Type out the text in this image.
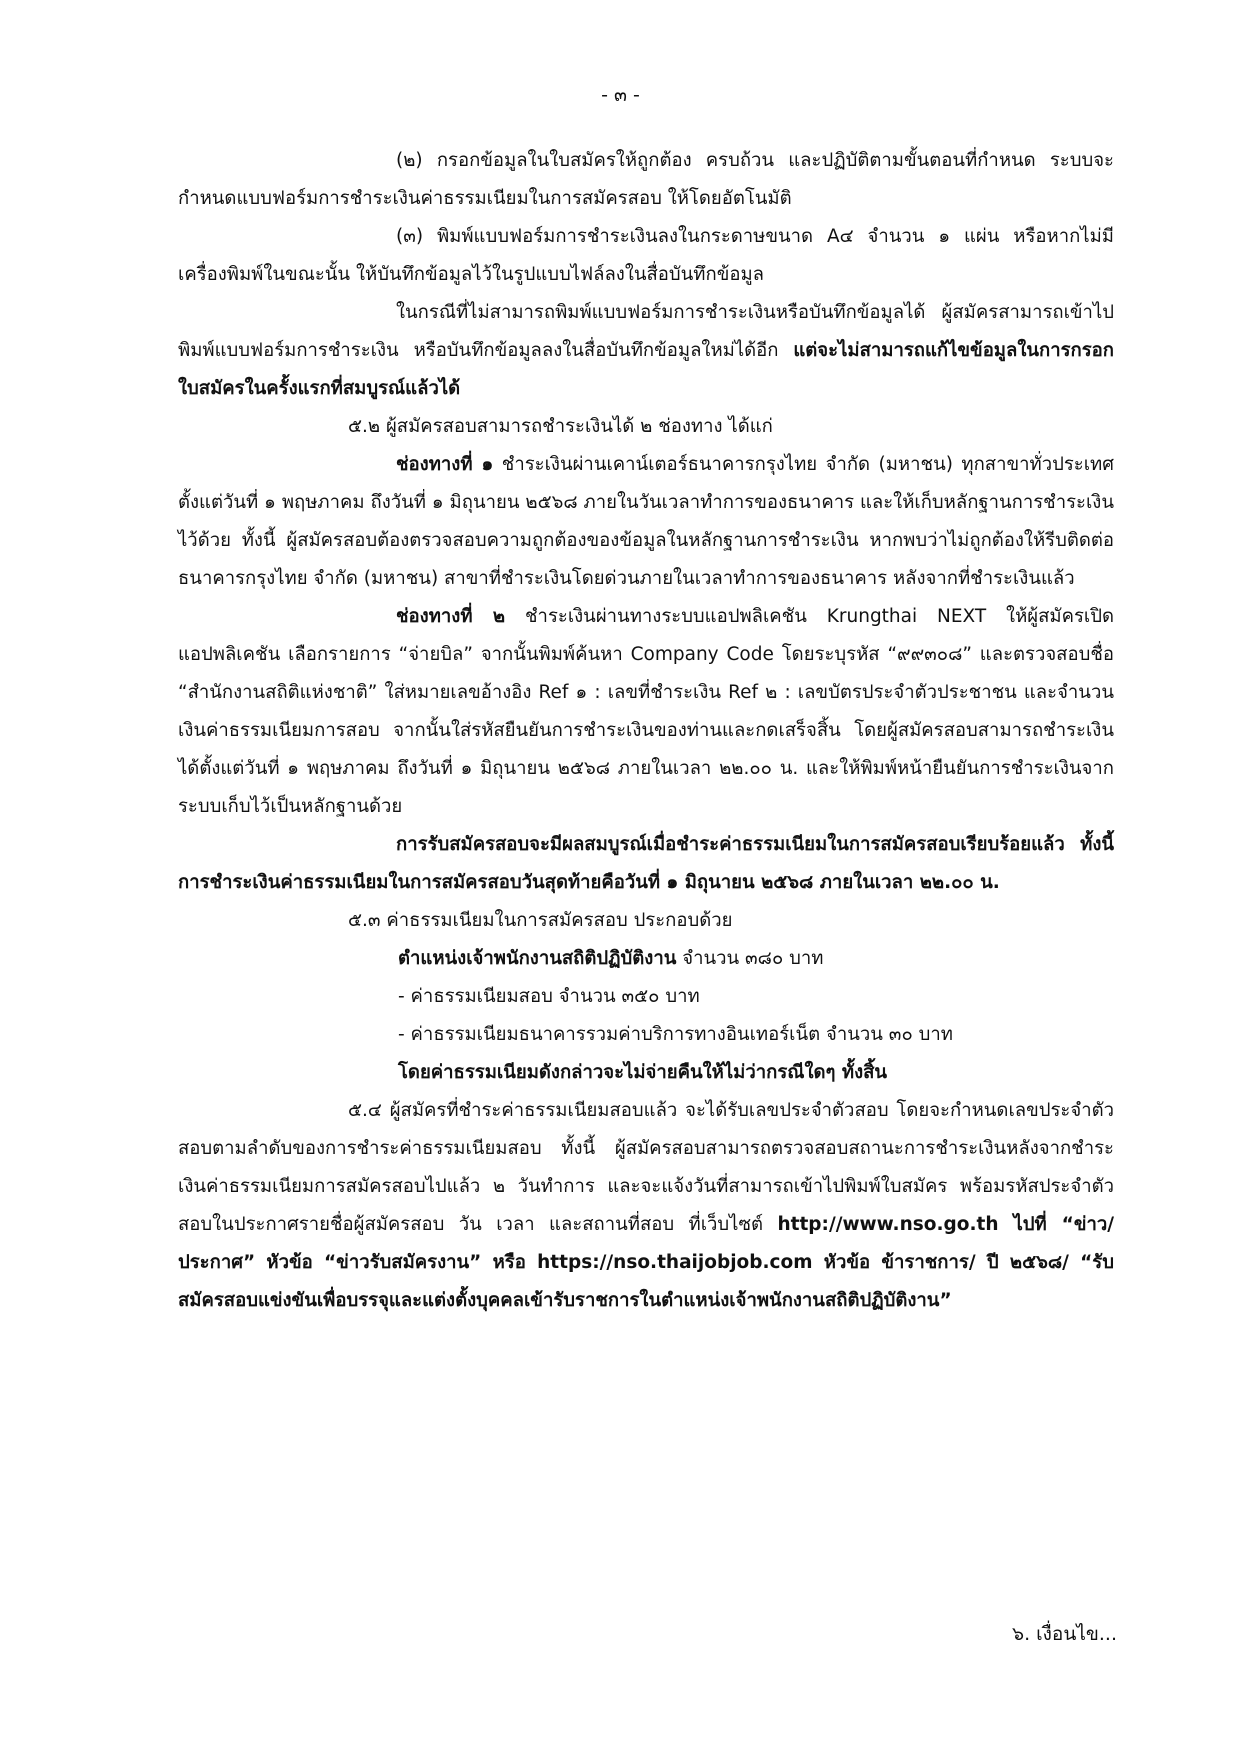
- ๓ -

(๒) กรอกข้อมูลในใบสมัครให้ถูกต้อง ครบถ้วน และปฏิบัติตามขั้นตอนที่กำหนด ระบบจะกำหนดแบบฟอร์มการชำระเงินค่าธรรมเนียมในการสมัครสอบ ให้โดยอัตโนมัติ

(๓) พิมพ์แบบฟอร์มการชำระเงินลงในกระดาษขนาด A๔ จำนวน ๑ แผ่น หรือหากไม่มีเครื่องพิมพ์ในขณะนั้น ให้บันทึกข้อมูลไว้ในรูปแบบไฟล์ลงในสื่อบันทึกข้อมูล

ในกรณีที่ไม่สามารถพิมพ์แบบฟอร์มการชำระเงินหรือบันทึกข้อมูลได้ ผู้สมัครสามารถเข้าไปพิมพ์แบบฟอร์มการชำระเงิน หรือบันทึกข้อมูลลงในสื่อบันทึกข้อมูลใหม่ได้อีก แต่จะไม่สามารถแก้ไขข้อมูลในการกรอกใบสมัครในครั้งแรกที่สมบูรณ์แล้วได้

๕.๒ ผู้สมัครสอบสามารถชำระเงินได้ ๒ ช่องทาง ได้แก่

ช่องทางที่ ๑ ชำระเงินผ่านเคาน์เตอร์ธนาคารกรุงไทย จำกัด (มหาชน) ทุกสาขาทั่วประเทศ ตั้งแต่วันที่ ๑ พฤษภาคม ถึงวันที่ ๑ มิถุนายน ๒๕๖๘ ภายในวันเวลาทำการของธนาคาร และให้เก็บหลักฐานการชำระเงินไว้ด้วย ทั้งนี้ ผู้สมัครสอบต้องตรวจสอบความถูกต้องของข้อมูลในหลักฐานการชำระเงิน หากพบว่าไม่ถูกต้องให้รีบติดต่อธนาคารกรุงไทย จำกัด (มหาชน) สาขาที่ชำระเงินโดยด่วนภายในเวลาทำการของธนาคาร หลังจากที่ชำระเงินแล้ว

ช่องทางที่ ๒ ชำระเงินผ่านทางระบบแอปพลิเคชัน Krungthai NEXT ให้ผู้สมัครเปิดแอปพลิเคชัน เลือกรายการ “จ่ายบิล” จากนั้นพิมพ์ค้นหา Company Code โดยระบุรหัส “๙๙๓๐๘” และตรวจสอบชื่อ “สำนักงานสถิติแห่งชาติ” ใส่หมายเลขอ้างอิง Ref ๑ : เลขที่ชำระเงิน Ref ๒ : เลขบัตรประจำตัวประชาชน และจำนวนเงินค่าธรรมเนียมการสอบ จากนั้นใส่รหัสยืนยันการชำระเงินของท่านและกดเสร็จสิ้น โดยผู้สมัครสอบสามารถชำระเงินได้ตั้งแต่วันที่ ๑ พฤษภาคม ถึงวันที่ ๑ มิถุนายน ๒๕๖๘ ภายในเวลา ๒๒.๐๐ น. และให้พิมพ์หน้ายืนยันการชำระเงินจากระบบเก็บไว้เป็นหลักฐานด้วย

การรับสมัครสอบจะมีผลสมบูรณ์เมื่อชำระค่าธรรมเนียมในการสมัครสอบเรียบร้อยแล้ว ทั้งนี้ การชำระเงินค่าธรรมเนียมในการสมัครสอบวันสุดท้ายคือวันที่ ๑ มิถุนายน ๒๕๖๘ ภายในเวลา ๒๒.๐๐ น.

๕.๓ ค่าธรรมเนียมในการสมัครสอบ ประกอบด้วย

ตำแหน่งเจ้าพนักงานสถิติปฏิบัติงาน จำนวน ๓๘๐ บาท

- ค่าธรรมเนียมสอบ จำนวน ๓๕๐ บาท

- ค่าธรรมเนียมธนาคารรวมค่าบริการทางอินเทอร์เน็ต จำนวน ๓๐ บาท

โดยค่าธรรมเนียมดังกล่าวจะไม่จ่ายคืนให้ไม่ว่ากรณีใดๆ ทั้งสิ้น

๕.๔ ผู้สมัครที่ชำระค่าธรรมเนียมสอบแล้ว จะได้รับเลขประจำตัวสอบ โดยจะกำหนดเลขประจำตัวสอบตามลำดับของการชำระค่าธรรมเนียมสอบ ทั้งนี้ ผู้สมัครสอบสามารถตรวจสอบสถานะการชำระเงินหลังจากชำระเงินค่าธรรมเนียมการสมัครสอบไปแล้ว ๒ วันทำการ และจะแจ้งวันที่สามารถเข้าไปพิมพ์ใบสมัคร พร้อมรหัสประจำตัวสอบในประกาศรายชื่อผู้สมัครสอบ วัน เวลา และสถานที่สอบ ที่เว็บไซต์ http://www.nso.go.th ไปที่ “ข่าว/ประกาศ” หัวข้อ “ข่าวรับสมัครงาน” หรือ https://nso.thaijobjob.com หัวข้อ ข้าราชการ/ ปี ๒๕๖๘/ “รับสมัครสอบแข่งขันเพื่อบรรจุและแต่งตั้งบุคคลเข้ารับราชการในตำแหน่งเจ้าพนักงานสถิติปฏิบัติงาน”

๖. เงื่อนไข...
